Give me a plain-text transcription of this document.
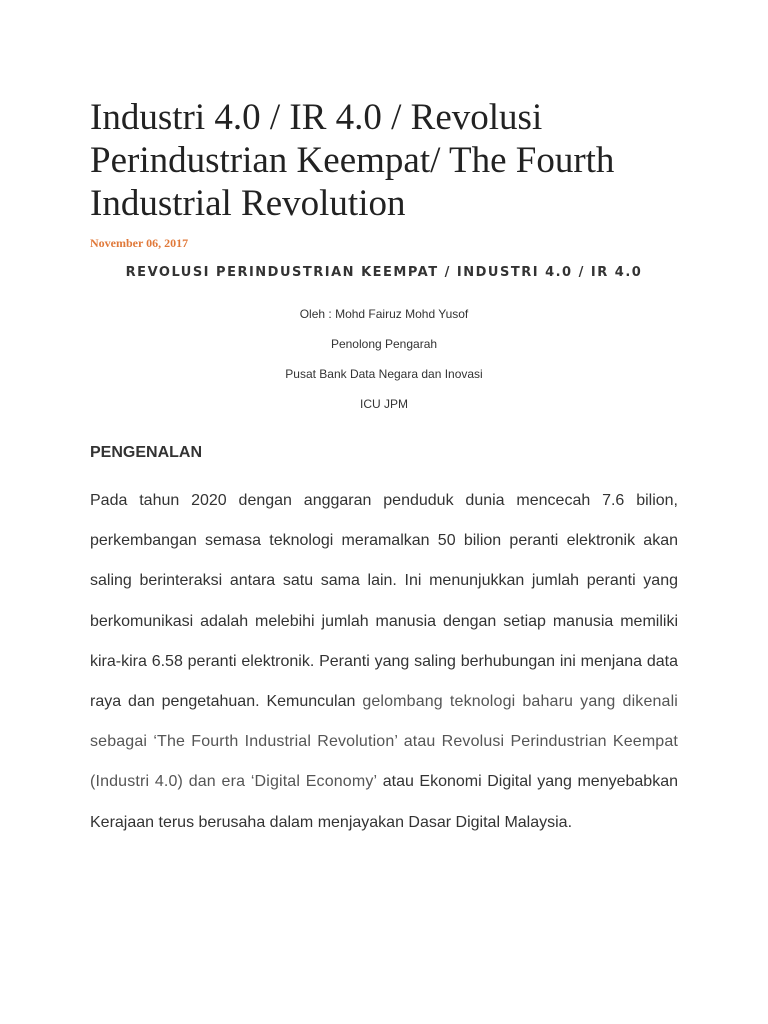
Industri 4.0 / IR 4.0 / Revolusi Perindustrian Keempat/ The Fourth Industrial Revolution
November 06, 2017
REVOLUSI PERINDUSTRIAN KEEMPAT / INDUSTRI 4.0 / IR 4.0
Oleh : Mohd Fairuz Mohd Yusof
Penolong Pengarah
Pusat Bank Data Negara dan Inovasi
ICU JPM
PENGENALAN

Pada tahun 2020 dengan anggaran penduduk dunia mencecah 7.6 bilion, perkembangan semasa teknologi meramalkan 50 bilion peranti elektronik akan saling berinteraksi antara satu sama lain. Ini menunjukkan jumlah peranti yang berkomunikasi adalah melebihi jumlah manusia dengan setiap manusia memiliki kira-kira 6.58 peranti elektronik. Peranti yang saling berhubungan ini menjana data raya dan pengetahuan. Kemunculan gelombang teknologi baharu yang dikenali sebagai ‘The Fourth Industrial Revolution’ atau Revolusi Perindustrian Keempat (Industri 4.0) dan era ‘Digital Economy’ atau Ekonomi Digital yang menyebabkan Kerajaan terus berusaha dalam menjayakan Dasar Digital Malaysia.
